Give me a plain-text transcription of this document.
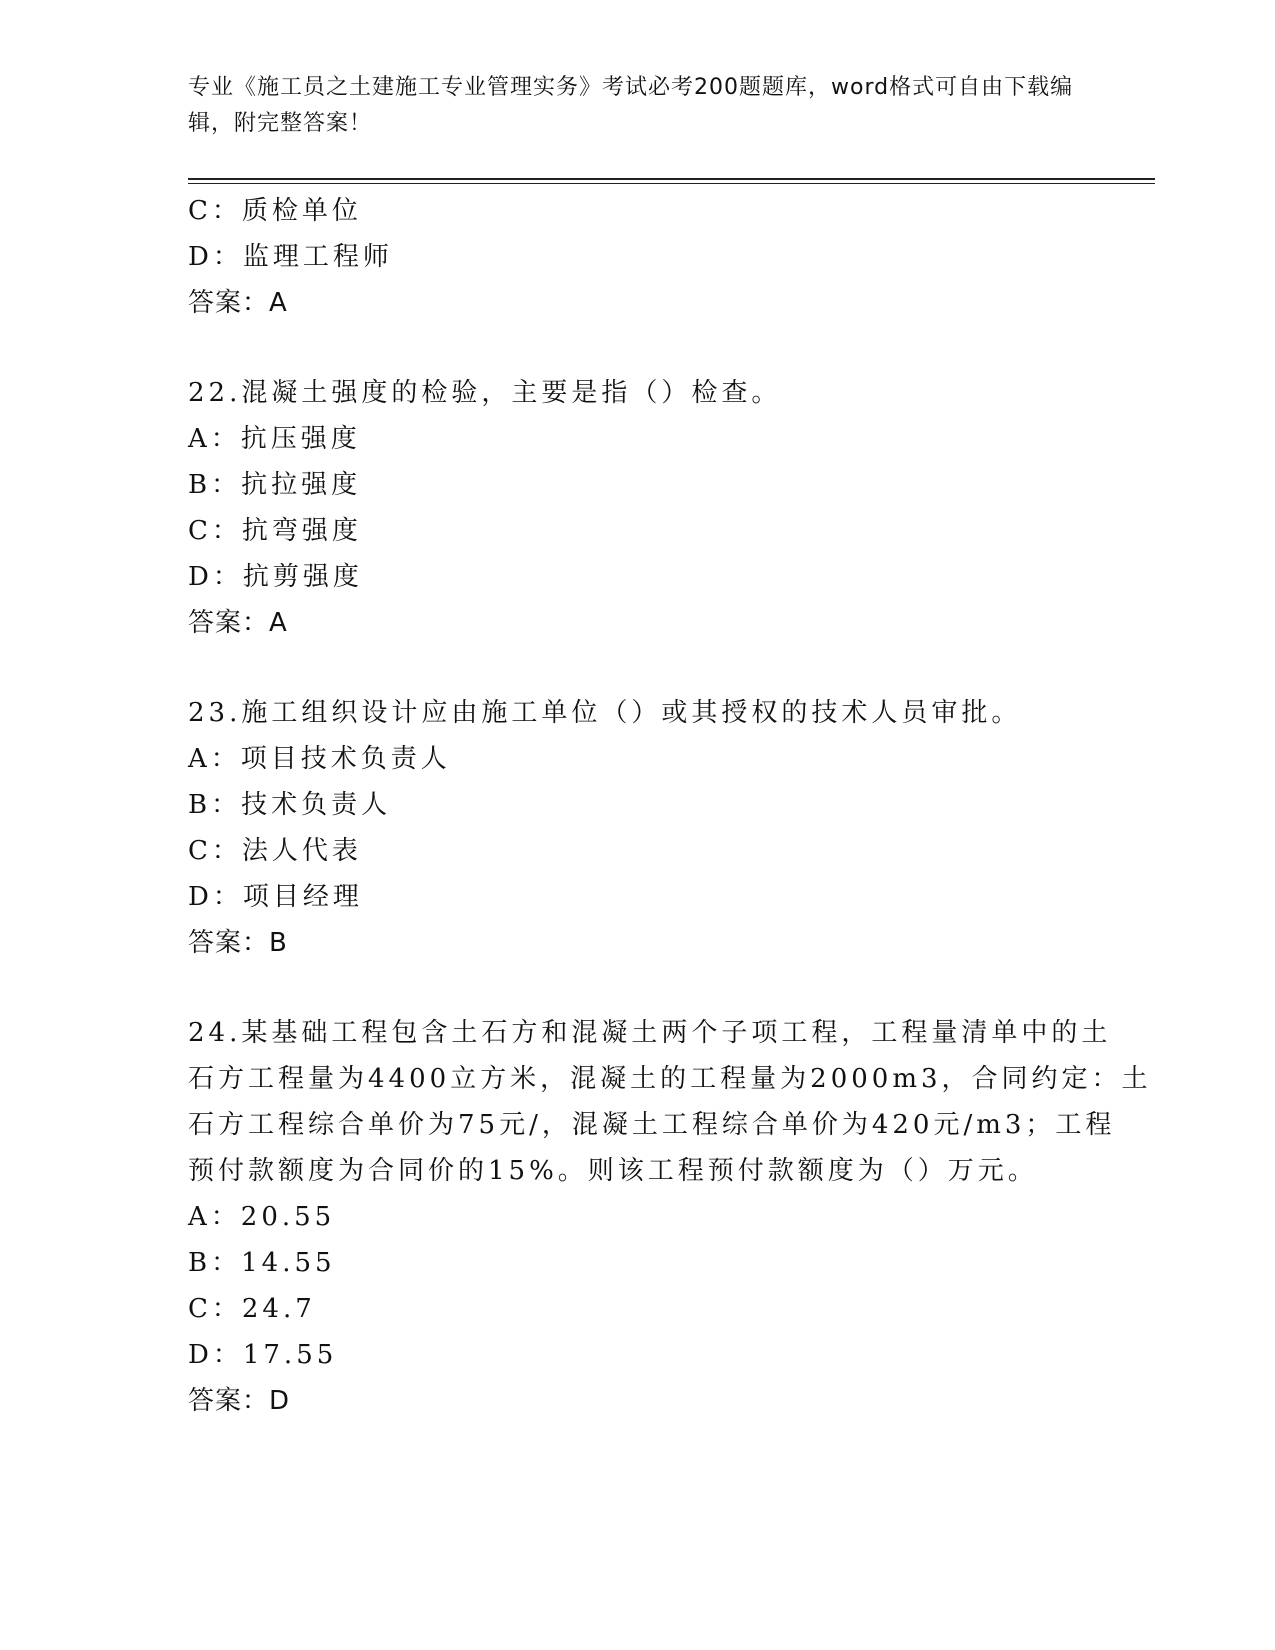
专业《施工员之土建施工专业管理实务》考试必考200题题库，word格式可自由下载编辑，附完整答案！
C：质检单位
D：监理工程师
答案：A
22.混凝土强度的检验，主要是指（）检查。
A：抗压强度
B：抗拉强度
C：抗弯强度
D：抗剪强度
答案：A
23.施工组织设计应由施工单位（）或其授权的技术人员审批。
A：项目技术负责人
B：技术负责人
C：法人代表
D：项目经理
答案：B
24.某基础工程包含土石方和混凝土两个子项工程，工程量清单中的土
石方工程量为4400立方米，混凝土的工程量为2000m3，合同约定：土
石方工程综合单价为75元/，混凝土工程综合单价为420元/m3；工程
预付款额度为合同价的15%。则该工程预付款额度为（）万元。
A：20.55
B：14.55
C：24.7
D：17.55
答案：D
